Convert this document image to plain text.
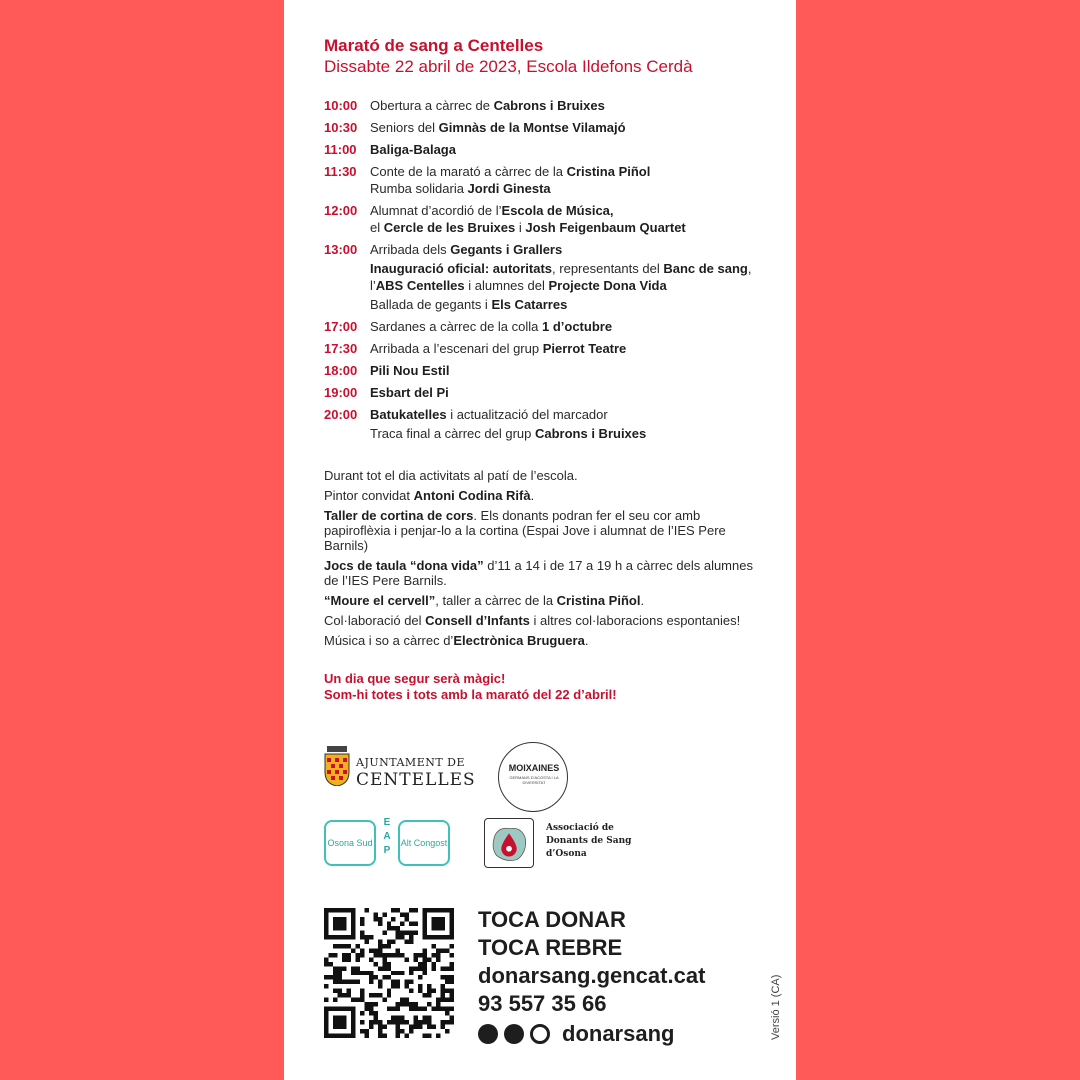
Marató de sang a Centelles
Dissabte 22 abril de 2023, Escola Ildefons Cerdà
10:00 Obertura a càrrec de Cabrons i Bruixes
10:30 Seniors del Gimnàs de la Montse Vilamajó
11:00	Baliga-Balaga
11:30	Conte de la marató a càrrec de la Cristina Piñol
Rumba solidaria Jordi Ginesta
12:00 Alumnat d’acordió de l’Escola de Música,
el Cercle de les Bruixes i Josh Feigenbaum Quartet
13:00 Arribada dels Gegants i Grallers
Inauguració oficial: autoritats, representants del Banc de sang, l’ABS Centelles i alumnes del Projecte Dona Vida
Ballada de gegants i Els Catarres
17:00 Sardanes a càrrec de la colla 1 d’octubre
17:30 Arribada a l’escenari del grup Pierrot Teatre
18:00 Pili Nou Estil
19:00 Esbart del Pi
20:00 Batukatelles i actualització del marcador
Traca final a càrrec del grup Cabrons i Bruixes

Durant tot el dia activitats al patí de l’escola.

Pintor convidat Antoni Codina Rifà.

Taller de cortina de cors. Els donants podran fer el seu cor amb papiroflèxia i penjar-lo a la cortina (Espai Jove i alumnat de l’IES Pere Barnils)

Jocs de taula “dona vida” d’11 a 14 i de 17 a 19 h a càrrec dels alumnes de l’IES Pere Barnils.

“Moure el cervell”, taller a càrrec de la Cristina Piñol.

Col·laboració del Consell d’Infants i altres col·laboracions espontanies!

Música i so a càrrec d’Electrònica Bruguera.

Un dia que segur serà màgic!
Som-hi totes i tots amb la marató del 22 d’abril!
AJUNTAMENT DE
CENTELLES
MOIXAINES
GERMANS D’ACOSTA I LA DIVERSITAT
Osona Sud
E A P
Alt Congost
Associació de
Donants de Sang
d’Osona
TOCA DONAR
TOCA REBRE
donarsang.gencat.cat
93 557 35 66
donarsang	Versió 1 (CA)
